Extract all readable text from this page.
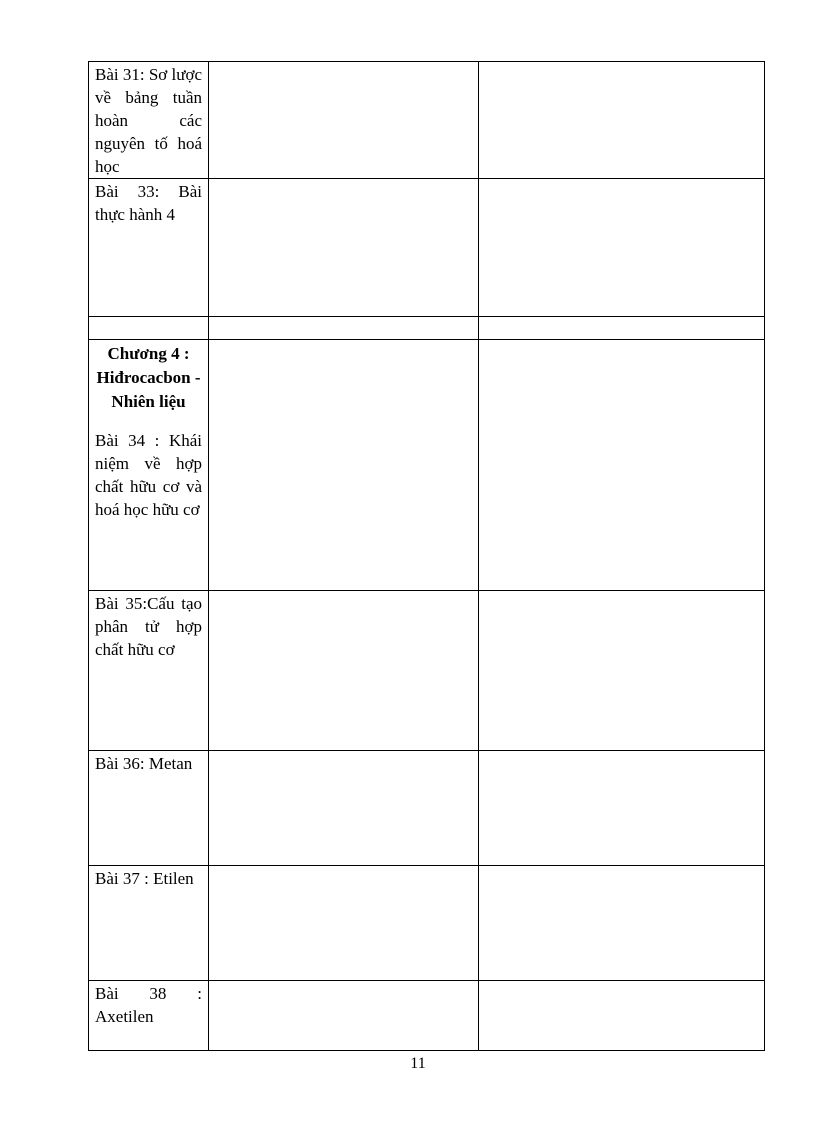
Bài 31: Sơ lược về bảng tuần hoàn các nguyên tố hoá học		

Bài 33: Bài thực hành 4		

Chương 4 : Hiđrocacbon - Nhiên liệu
Bài 34 : Khái niệm về hợp chất hữu cơ và hoá học hữu cơ		

Bài 35:Cấu tạo phân tử hợp chất hữu cơ		

Bài 36: Metan		

Bài 37 : Etilen		

Bài 38 : Axetilen		

11
